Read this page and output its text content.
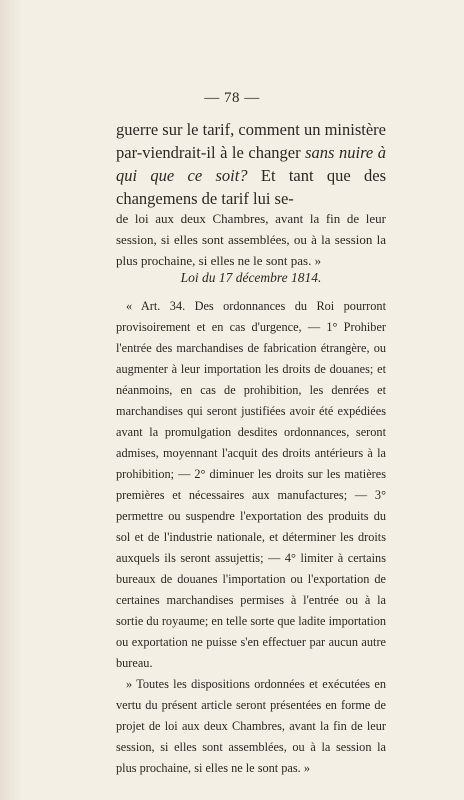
— 78 —

guerre sur le tarif, comment un ministère par-viendrait-il à le changer sans nuire à qui que ce soit? Et tant que des changemens de tarif lui se-

de loi aux deux Chambres, avant la fin de leur session, si elles sont assemblées, ou à la session la plus prochaine, si elles ne le sont pas. »

Loi du 17 décembre 1814.

« Art. 34. Des ordonnances du Roi pourront provisoirement et en cas d'urgence, — 1° Prohiber l'entrée des marchandises de fabrication étrangère, ou augmenter à leur importation les droits de douanes; et néanmoins, en cas de prohibition, les denrées et marchandises qui seront justifiées avoir été expédiées avant la promulgation desdites ordonnances, seront admises, moyennant l'acquit des droits antérieurs à la prohibition; — 2° diminuer les droits sur les matières premières et nécessaires aux manufactures; — 3° permettre ou suspendre l'exportation des produits du sol et de l'industrie nationale, et déterminer les droits auxquels ils seront assujettis; — 4° limiter à certains bureaux de douanes l'importation ou l'exportation de certaines marchandises permises à l'entrée ou à la sortie du royaume; en telle sorte que ladite importation ou exportation ne puisse s'en effectuer par aucun autre bureau.

» Toutes les dispositions ordonnées et exécutées en vertu du présent article seront présentées en forme de projet de loi aux deux Chambres, avant la fin de leur session, si elles sont assemblées, ou à la session la plus prochaine, si elles ne le sont pas. »
